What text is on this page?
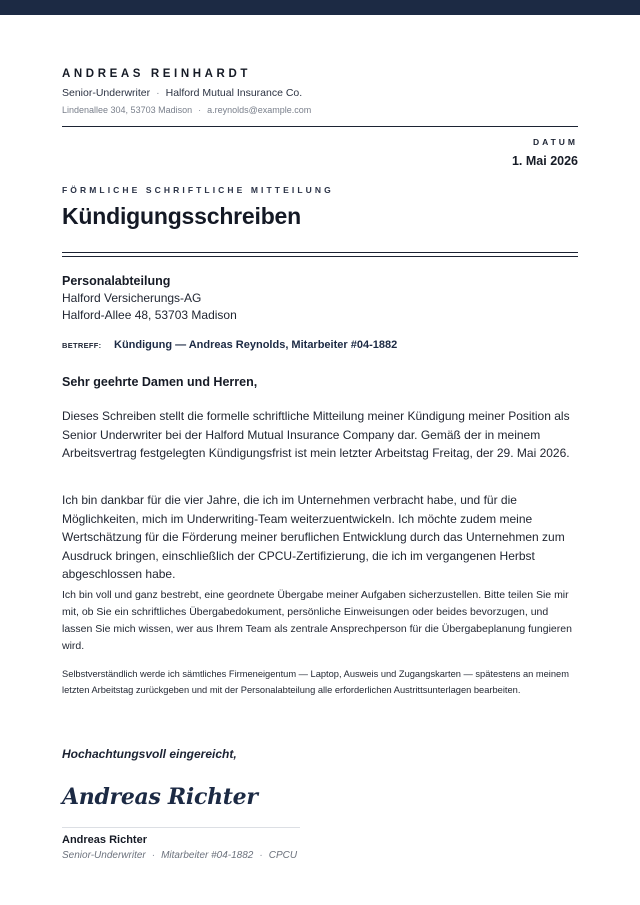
ANDREAS REINHARDT
Senior-Underwriter · Halford Mutual Insurance Co.
Lindenallee 304, 53703 Madison · a.reynolds@example.com
DATUM
1. Mai 2026
FÖRMLICHE SCHRIFTLICHE MITTEILUNG
Kündigungsschreiben
Personalabteilung
Halford Versicherungs-AG
Halford-Allee 48, 53703 Madison
BETREFF: Kündigung — Andreas Reynolds, Mitarbeiter #04-1882
Sehr geehrte Damen und Herren,

Dieses Schreiben stellt die formelle schriftliche Mitteilung meiner Kündigung meiner Position als Senior Underwriter bei der Halford Mutual Insurance Company dar. Gemäß der in meinem Arbeitsvertrag festgelegten Kündigungsfrist ist mein letzter Arbeitstag Freitag, der 29. Mai 2026.

Ich bin dankbar für die vier Jahre, die ich im Unternehmen verbracht habe, und für die Möglichkeiten, mich im Underwriting-Team weiterzuentwickeln. Ich möchte zudem meine Wertschätzung für die Förderung meiner beruflichen Entwicklung durch das Unternehmen zum Ausdruck bringen, einschließlich der CPCU-Zertifizierung, die ich im vergangenen Herbst abgeschlossen habe.

Ich bin voll und ganz bestrebt, eine geordnete Übergabe meiner Aufgaben sicherzustellen. Bitte teilen Sie mir mit, ob Sie ein schriftliches Übergabedokument, persönliche Einweisungen oder beides bevorzugen, und lassen Sie mich wissen, wer aus Ihrem Team als zentrale Ansprechperson für die Übergabeplanung fungieren wird.

Selbstverständlich werde ich sämtliches Firmeneigentum — Laptop, Ausweis und Zugangskarten — spätestens an meinem letzten Arbeitstag zurückgeben und mit der Personalabteilung alle erforderlichen Austrittsunterlagen bearbeiten.

Hochachtungsvoll eingereicht,
Andreas Richter
Andreas Richter
Senior-Underwriter · Mitarbeiter #04-1882 · CPCU
